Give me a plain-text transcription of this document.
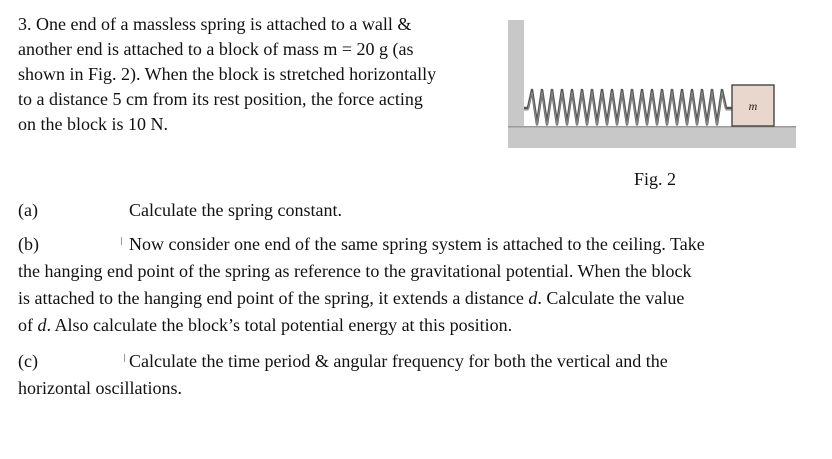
3. One end of a massless spring is attached to a wall &
another end is attached to a block of mass m = 20 g (as
shown in Fig. 2). When the block is stretched horizontally
to a distance 5 cm from its rest position, the force acting
on the block is 10 N.
m
Fig. 2
(a)	Calculate the spring constant.
(b)	Now consider one end of the same spring system is attached to the ceiling. Take
the hanging end point of the spring as reference to the gravitational potential. When the block
is attached to the hanging end point of the spring, it extends a distance d. Calculate the value
of d. Also calculate the block’s total potential energy at this position.
(c)	Calculate the time period & angular frequency for both the vertical and the
horizontal oscillations.
